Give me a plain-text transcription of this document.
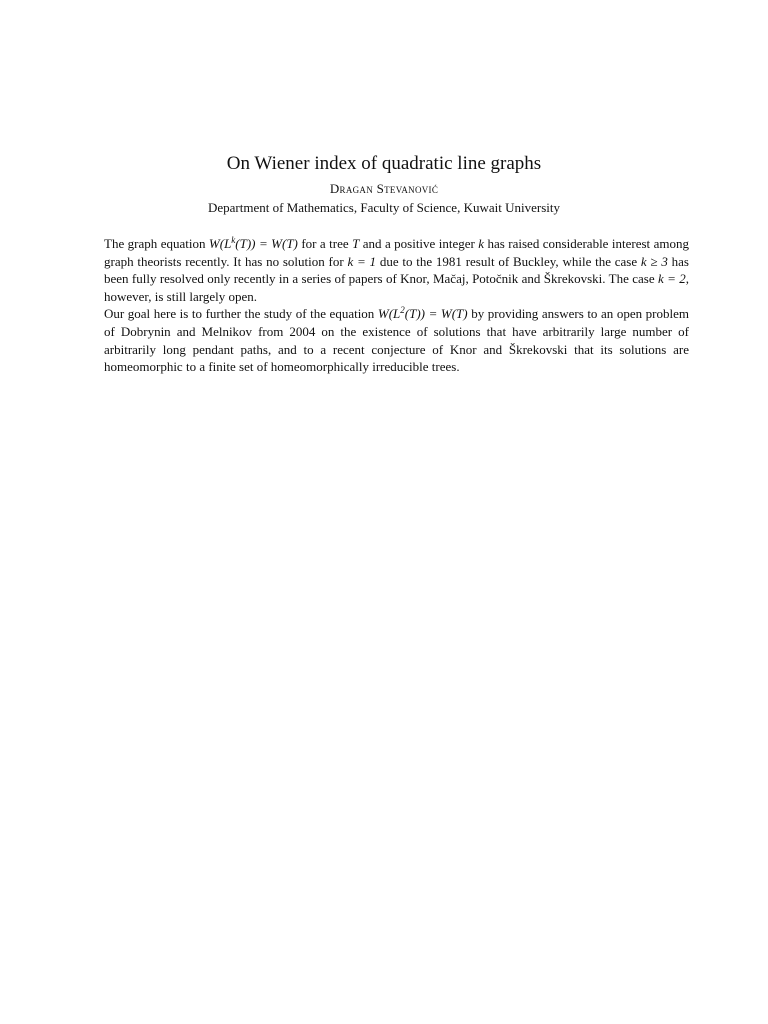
On Wiener index of quadratic line graphs
Dragan Stevanović
Department of Mathematics, Faculty of Science, Kuwait University

The graph equation $W(L^k(T)) = W(T)$ for a tree T and a positive integer k has raised considerable interest among graph theorists recently. It has no solution for k = 1 due to the 1981 result of Buckley, while the case k ≥ 3 has been fully resolved only recently in a series of papers of Knor, Mačaj, Potočnik and Škrekovski. The case k = 2, however, is still largely open.

Our goal here is to further the study of the equation $W(L^2(T)) = W(T)$ by providing answers to an open problem of Dobrynin and Melnikov from 2004 on the existence of solutions that have arbitrarily large number of arbitrarily long pendant paths, and to a recent conjecture of Knor and Škrekovski that its solutions are homeomorphic to a finite set of homeomorphically irreducible trees.
